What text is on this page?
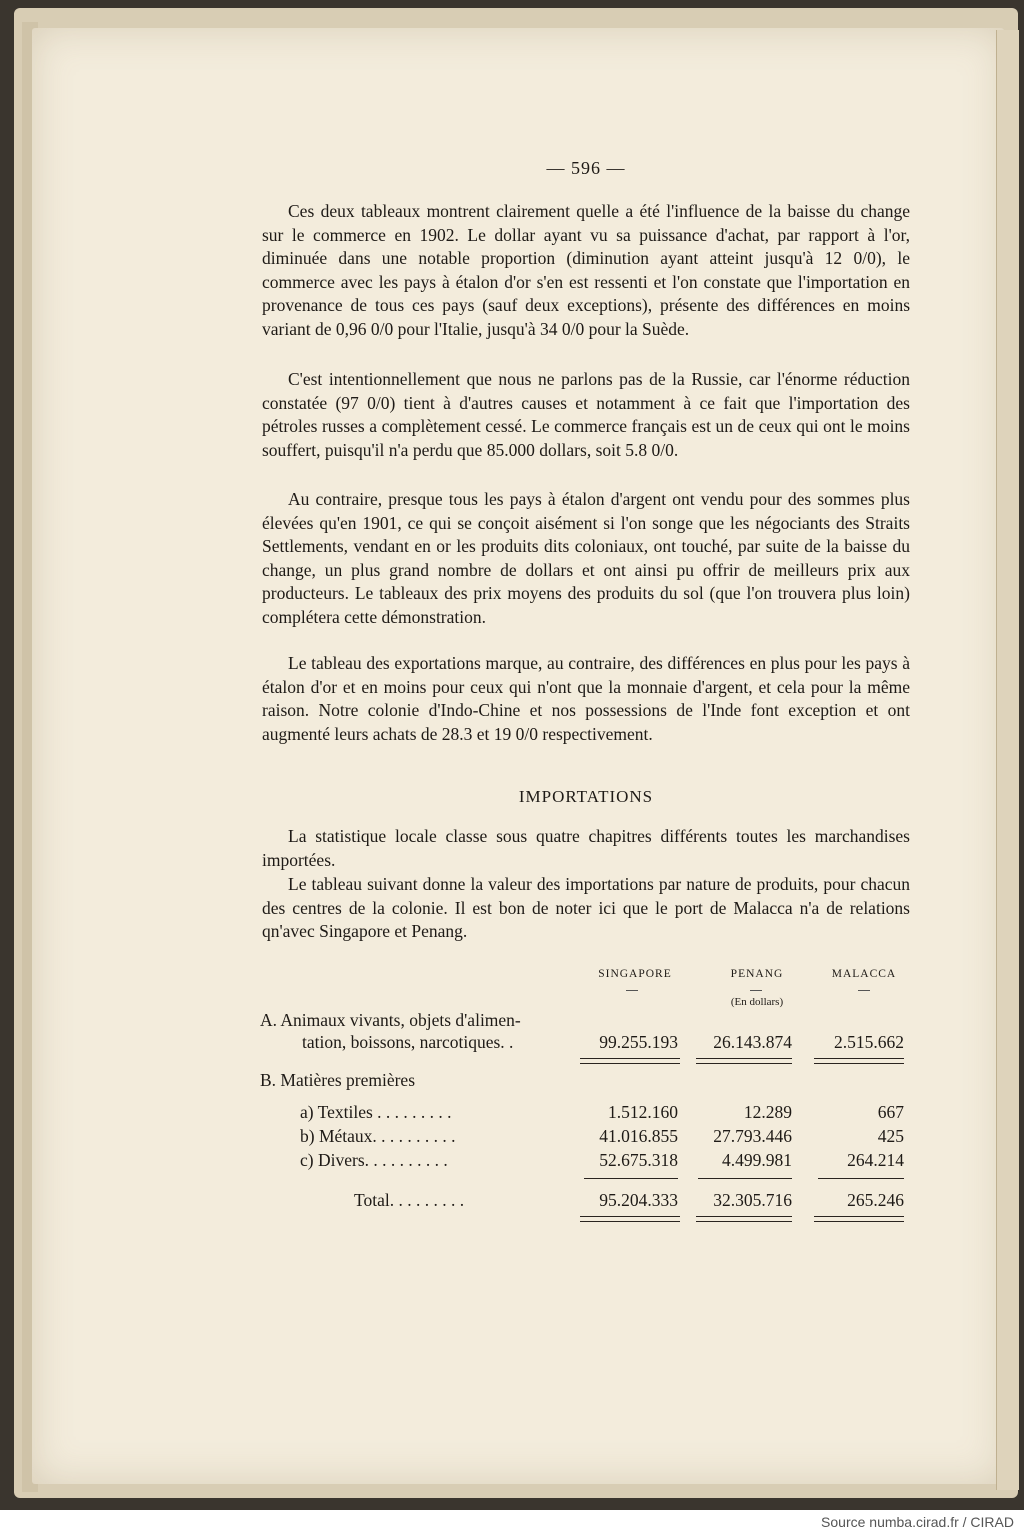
— 596 —

Ces deux tableaux montrent clairement quelle a été l'influence de la baisse du change sur le commerce en 1902. Le dollar ayant vu sa puissance d'achat, par rapport à l'or, diminuée dans une notable proportion (diminution ayant atteint jusqu'à 12 0/0), le commerce avec les pays à étalon d'or s'en est ressenti et l'on constate que l'importation en provenance de tous ces pays (sauf deux exceptions), présente des différences en moins variant de 0,96 0/0 pour l'Italie, jusqu'à 34 0/0 pour la Suède.

C'est intentionnellement que nous ne parlons pas de la Russie, car l'énorme réduction constatée (97 0/0) tient à d'autres causes et notamment à ce fait que l'importation des pétroles russes a complètement cessé. Le commerce français est un de ceux qui ont le moins souffert, puisqu'il n'a perdu que 85.000 dollars, soit 5.8 0/0.

Au contraire, presque tous les pays à étalon d'argent ont vendu pour des sommes plus élevées qu'en 1901, ce qui se conçoit aisément si l'on songe que les négociants des Straits Settlements, vendant en or les produits dits coloniaux, ont touché, par suite de la baisse du change, un plus grand nombre de dollars et ont ainsi pu offrir de meilleurs prix aux producteurs. Le tableaux des prix moyens des produits du sol (que l'on trouvera plus loin) complétera cette démonstration.

Le tableau des exportations marque, au contraire, des différences en plus pour les pays à étalon d'or et en moins pour ceux qui n'ont que la monnaie d'argent, et cela pour la même raison. Notre colonie d'Indo-Chine et nos possessions de l'Inde font exception et ont augmenté leurs achats de 28.3 et 19 0/0 respectivement.

IMPORTATIONS

La statistique locale classe sous quatre chapitres différents toutes les marchandises importées.

Le tableau suivant donne la valeur des importations par nature de produits, pour chacun des centres de la colonie. Il est bon de noter ici que le port de Malacca n'a de relations qn'avec Singapore et Penang.

SINGAPORE	PENANG	MALACCA
(En dollars)
A. Animaux vivants, objets d'alimen-
tation, boissons, narcotiques. .	99.255.193	26.143.874	2.515.662
B. Matières premières
a) Textiles . . . . . . . . .	1.512.160	12.289	667
b) Métaux. . . . . . . . . .	41.016.855	27.793.446	425
c) Divers. . . . . . . . . .	52.675.318	4.499.981	264.214
Total. . . . . . . . .	95.204.333	32.305.716	265.246
Source numba.cirad.fr / CIRAD
